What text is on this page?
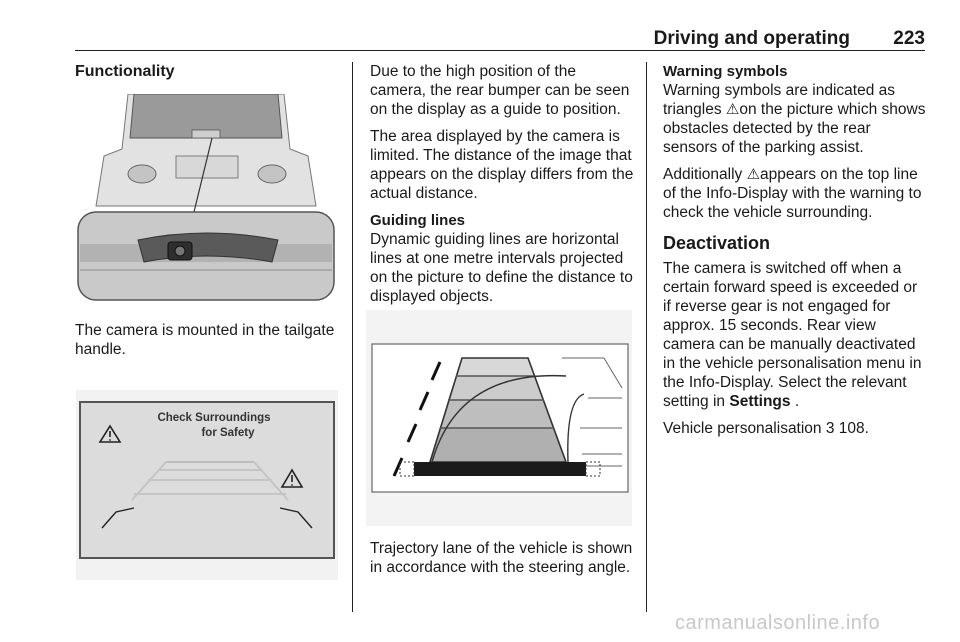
Driving and operating 223
Functionality

The camera is mounted in the tailgate handle.

Check Surroundings
for Safety

Due to the high position of the camera, the rear bumper can be seen on the display as a guide to position.

The area displayed by the camera is limited. The distance of the image that appears on the display differs from the actual distance.

Guiding lines

Dynamic guiding lines are horizontal lines at one metre intervals projected on the picture to define the distance to displayed objects.

Trajectory lane of the vehicle is shown in accordance with the steering angle.

Warning symbols

Warning symbols are indicated as triangles ⚠on the picture which shows obstacles detected by the rear sensors of the parking assist.

Additionally ⚠appears on the top line of the Info-Display with the warning to check the vehicle surrounding.

Deactivation

The camera is switched off when a certain forward speed is exceeded or if reverse gear is not engaged for approx. 15 seconds. Rear view camera can be manually deactivated in the vehicle personalisation menu in the Info-Display. Select the relevant setting in Settings .

Vehicle personalisation 3 108.

carmanualsonline.info
